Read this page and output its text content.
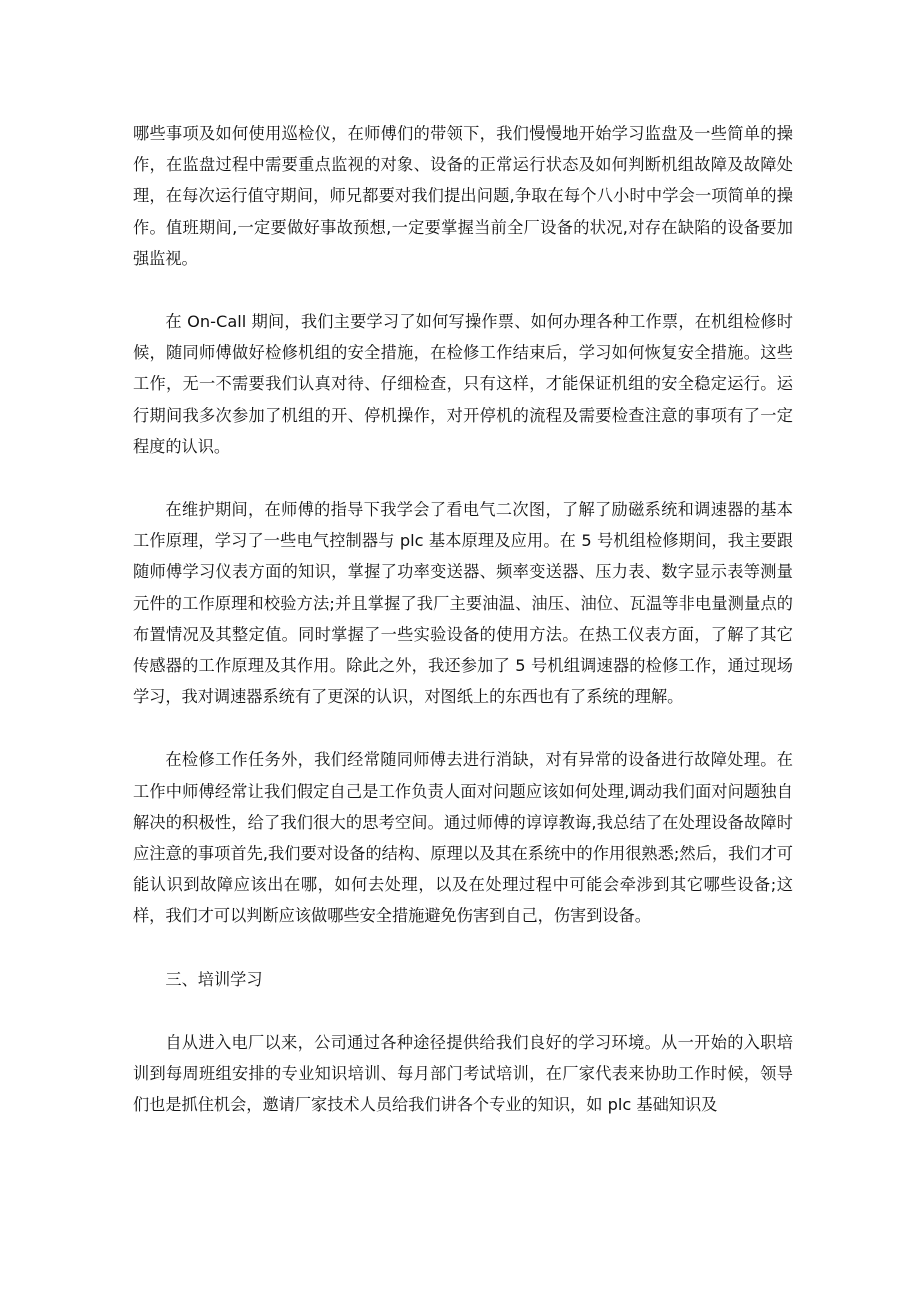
哪些事项及如何使用巡检仪，在师傅们的带领下，我们慢慢地开始学习监盘及一些简单的操作，在监盘过程中需要重点监视的对象、设备的正常运行状态及如何判断机组故障及故障处理，在每次运行值守期间，师兄都要对我们提出问题,争取在每个八小时中学会一项简单的操作。值班期间,一定要做好事故预想,一定要掌握当前全厂设备的状况,对存在缺陷的设备要加强监视。

在 On-Call 期间，我们主要学习了如何写操作票、如何办理各种工作票，在机组检修时候，随同师傅做好检修机组的安全措施，在检修工作结束后，学习如何恢复安全措施。这些工作，无一不需要我们认真对待、仔细检查，只有这样，才能保证机组的安全稳定运行。运行期间我多次参加了机组的开、停机操作，对开停机的流程及需要检查注意的事项有了一定程度的认识。

在维护期间，在师傅的指导下我学会了看电气二次图，了解了励磁系统和调速器的基本工作原理，学习了一些电气控制器与 plc 基本原理及应用。在 5 号机组检修期间，我主要跟随师傅学习仪表方面的知识，掌握了功率变送器、频率变送器、压力表、数字显示表等测量元件的工作原理和校验方法;并且掌握了我厂主要油温、油压、油位、瓦温等非电量测量点的布置情况及其整定值。同时掌握了一些实验设备的使用方法。在热工仪表方面，了解了其它传感器的工作原理及其作用。除此之外，我还参加了 5 号机组调速器的检修工作，通过现场学习，我对调速器系统有了更深的认识，对图纸上的东西也有了系统的理解。

在检修工作任务外，我们经常随同师傅去进行消缺，对有异常的设备进行故障处理。在工作中师傅经常让我们假定自己是工作负责人面对问题应该如何处理,调动我们面对问题独自解决的积极性，给了我们很大的思考空间。通过师傅的谆谆教诲,我总结了在处理设备故障时应注意的事项首先,我们要对设备的结构、原理以及其在系统中的作用很熟悉;然后，我们才可能认识到故障应该出在哪，如何去处理，以及在处理过程中可能会牵涉到其它哪些设备;这样，我们才可以判断应该做哪些安全措施避免伤害到自己，伤害到设备。

三、培训学习

自从进入电厂以来，公司通过各种途径提供给我们良好的学习环境。从一开始的入职培训到每周班组安排的专业知识培训、每月部门考试培训，在厂家代表来协助工作时候，领导们也是抓住机会，邀请厂家技术人员给我们讲各个专业的知识，如 plc 基础知识及
